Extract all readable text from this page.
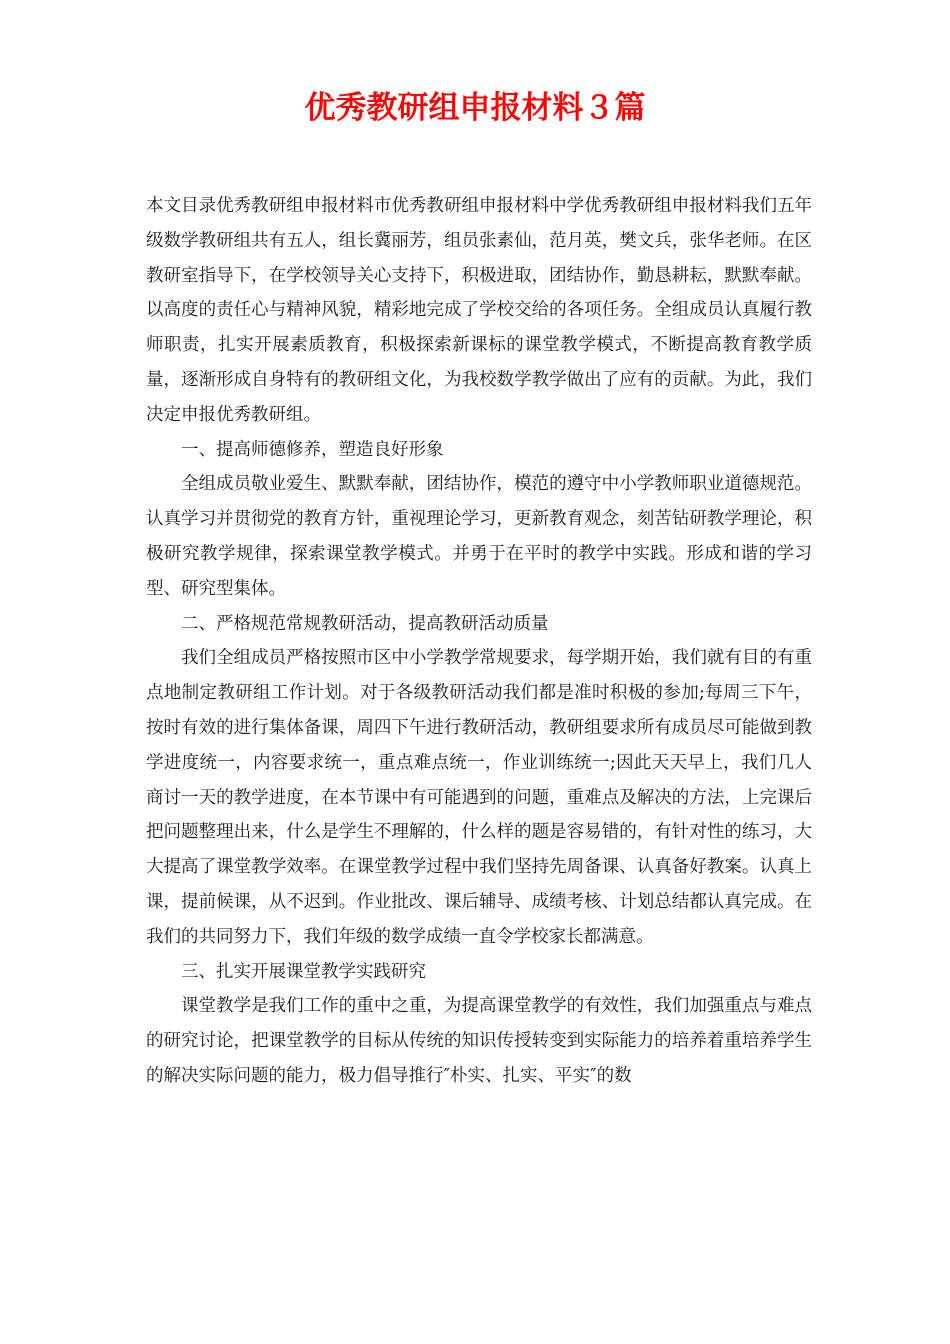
优秀教研组申报材料３篇

本文目录优秀教研组申报材料市优秀教研组申报材料中学优秀教研组申报材料我们五年级数学教研组共有五人，组长冀丽芳，组员张素仙，范月英，樊文兵，张华老师。在区教研室指导下，在学校领导关心支持下，积极进取，团结协作，勤恳耕耘，默默奉献。以高度的责任心与精神风貌，精彩地完成了学校交给的各项任务。全组成员认真履行教师职责，扎实开展素质教育，积极探索新课标的课堂教学模式，不断提高教育教学质量，逐渐形成自身特有的教研组文化，为我校数学教学做出了应有的贡献。为此，我们决定申报优秀教研组。

一、提高师德修养，塑造良好形象

全组成员敬业爱生、默默奉献，团结协作，模范的遵守中小学教师职业道德规范。认真学习并贯彻党的教育方针，重视理论学习，更新教育观念，刻苦钻研教学理论，积极研究教学规律，探索课堂教学模式。并勇于在平时的教学中实践。形成和谐的学习型、研究型集体。

二、严格规范常规教研活动，提高教研活动质量

我们全组成员严格按照市区中小学教学常规要求，每学期开始，我们就有目的有重点地制定教研组工作计划。对于各级教研活动我们都是准时积极的参加;每周三下午，按时有效的进行集体备课，周四下午进行教研活动，教研组要求所有成员尽可能做到教学进度统一，内容要求统一，重点难点统一，作业训练统一;因此天天早上，我们几人商讨一天的教学进度，在本节课中有可能遇到的问题，重难点及解决的方法，上完课后把问题整理出来，什么是学生不理解的，什么样的题是容易错的，有针对性的练习，大大提高了课堂教学效率。在课堂教学过程中我们坚持先周备课、认真备好教案。认真上课，提前候课，从不迟到。作业批改、课后辅导、成绩考核、计划总结都认真完成。在我们的共同努力下，我们年级的数学成绩一直令学校家长都满意。

三、扎实开展课堂教学实践研究

课堂教学是我们工作的重中之重，为提高课堂教学的有效性，我们加强重点与难点的研究讨论，把课堂教学的目标从传统的知识传授转变到实际能力的培养着重培养学生的解决实际问题的能力，极力倡导推行″朴实、扎实、平实″的数
